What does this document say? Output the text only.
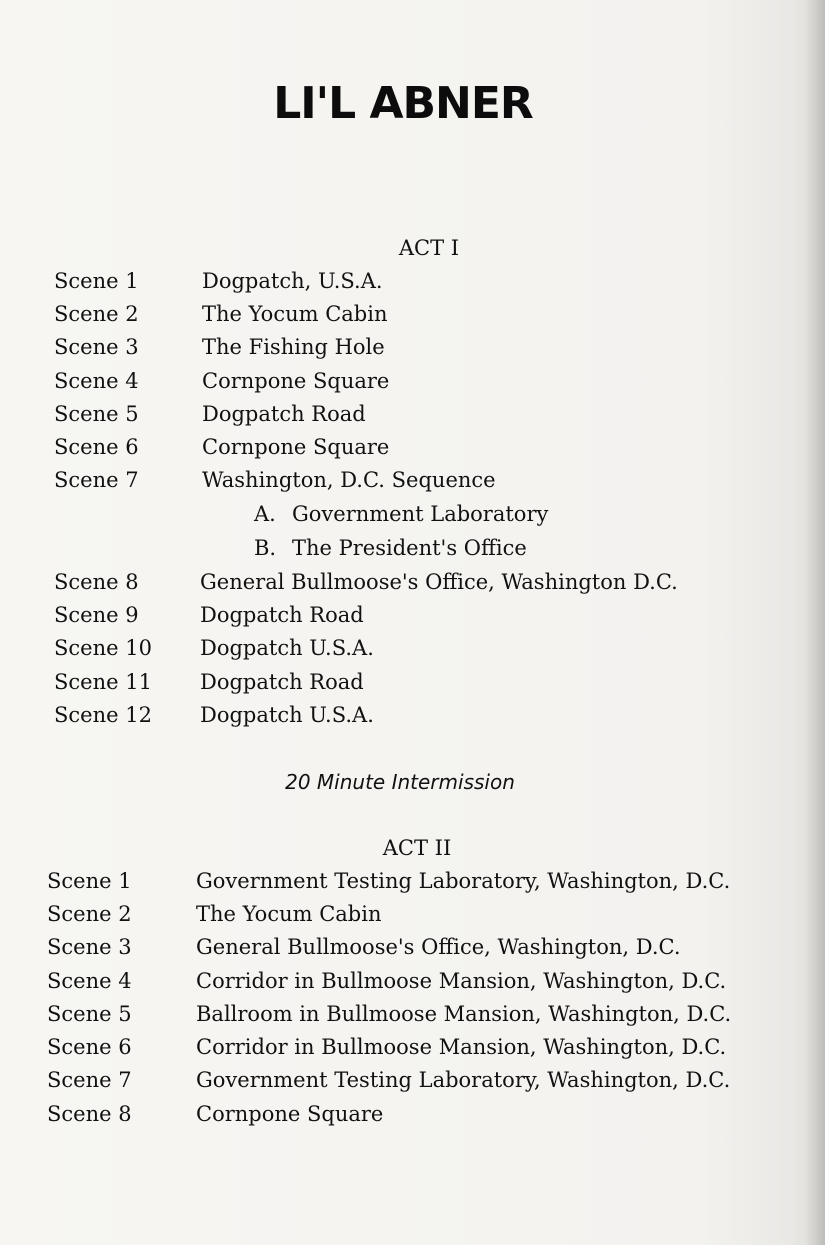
LI'L ABNER
ACT I
Scene 1	Dogpatch, U.S.A.
Scene 2	The Yocum Cabin
Scene 3	The Fishing Hole
Scene 4	Cornpone Square
Scene 5	Dogpatch Road
Scene 6	Cornpone Square
Scene 7	Washington, D.C. Sequence
A. Government Laboratory
B. The President's Office
Scene 8	General Bullmoose's Office, Washington D.C.
Scene 9	Dogpatch Road
Scene 10	Dogpatch U.S.A.
Scene 11	Dogpatch Road
Scene 12	Dogpatch U.S.A.
20 Minute Intermission
ACT II
Scene 1	Government Testing Laboratory, Washington, D.C.
Scene 2	The Yocum Cabin
Scene 3	General Bullmoose's Office, Washington, D.C.
Scene 4	Corridor in Bullmoose Mansion, Washington, D.C.
Scene 5	Ballroom in Bullmoose Mansion, Washington, D.C.
Scene 6	Corridor in Bullmoose Mansion, Washington, D.C.
Scene 7	Government Testing Laboratory, Washington, D.C.
Scene 8	Cornpone Square
